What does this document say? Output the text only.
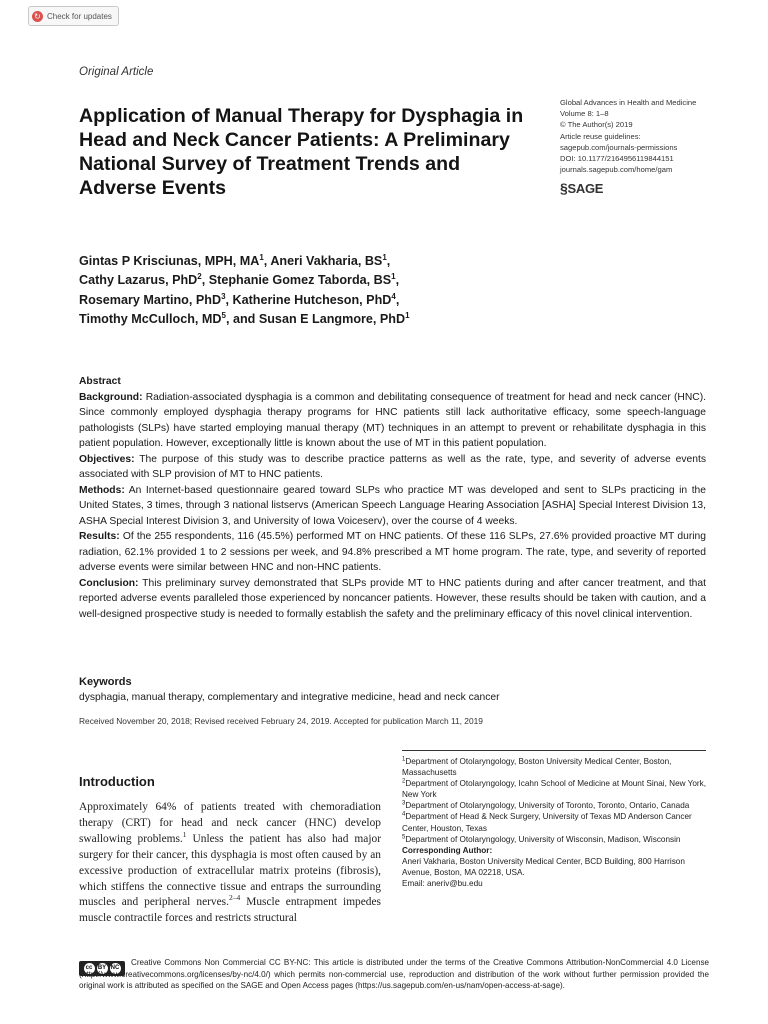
↻ Check for updates
Original Article
Application of Manual Therapy for Dysphagia in Head and Neck Cancer Patients: A Preliminary National Survey of Treatment Trends and Adverse Events
Global Advances in Health and Medicine
Volume 8: 1–8
© The Author(s) 2019
Article reuse guidelines:
sagepub.com/journals-permissions
DOI: 10.1177/2164956119844151
journals.sagepub.com/home/gam
§SAGE
Gintas P Krisciunas, MPH, $MA^1$, Aneri Vakharia, $BS^1$,
Cathy Lazarus, PhD$^2$, Stephanie Gomez Taborda, $BS^1$,
Rosemary Martino, PhD$^3$, Katherine Hutcheson, PhD$^4$,
Timothy McCulloch, $MD^5$, and Susan E Langmore, PhD$^1$

Abstract

Background: Radiation-associated dysphagia is a common and debilitating consequence of treatment for head and neck cancer (HNC). Since commonly employed dysphagia therapy programs for HNC patients still lack authoritative efficacy, some speech-language pathologists (SLPs) have started employing manual therapy (MT) techniques in an attempt to prevent or rehabilitate dysphagia in this patient population. However, exceptionally little is known about the use of MT in this patient population.

Objectives: The purpose of this study was to describe practice patterns as well as the rate, type, and severity of adverse events associated with SLP provision of MT to HNC patients.

Methods: An Internet-based questionnaire geared toward SLPs who practice MT was developed and sent to SLPs practicing in the United States, 3 times, through 3 national listservs (American Speech Language Hearing Association [ASHA] Special Interest Division 13, ASHA Special Interest Division 3, and University of Iowa Voiceserv), over the course of 4 weeks.

Results: Of the 255 respondents, 116 (45.5%) performed MT on HNC patients. Of these 116 SLPs, 27.6% provided proactive MT during radiation, 62.1% provided 1 to 2 sessions per week, and 94.8% prescribed a MT home program. The rate, type, and severity of reported adverse events were similar between HNC and non-HNC patients.

Conclusion: This preliminary survey demonstrated that SLPs provide MT to HNC patients during and after cancer treatment, and that reported adverse events paralleled those experienced by noncancer patients. However, these results should be taken with caution, and a well-designed prospective study is needed to formally establish the safety and the preliminary efficacy of this novel clinical intervention.

Keywords
dysphagia, manual therapy, complementary and integrative medicine, head and neck cancer
Received November 20, 2018; Revised received February 24, 2019. Accepted for publication March 11, 2019
Introduction

Approximately 64% of patients treated with chemoradiation therapy (CRT) for head and neck cancer (HNC) develop swallowing problems.$^1$ Unless the patient has also had major surgery for their cancer, this dysphagia is most often caused by an excessive production of extracellular matrix proteins (fibrosis), which stiffens the connective tissue and entraps the surrounding muscles and peripheral nerves.$^{2-4}$ Muscle entrapment impedes muscle contractile forces and restricts structural

$^1$Department of Otolaryngology, Boston University Medical Center, Boston, Massachusetts

$^2$Department of Otolaryngology, Icahn School of Medicine at Mount Sinai, New York, New York

$^3$Department of Otolaryngology, University of Toronto, Toronto, Ontario, Canada

$^4$Department of Head & Neck Surgery, University of Texas MD Anderson Cancer Center, Houston, Texas

$^5$Department of Otolaryngology, University of Wisconsin, Madison, Wisconsin

Corresponding Author:

Aneri Vakharia, Boston University Medical Center, BCD Building, 800 Harrison Avenue, Boston, MA 02218, USA.

Email: aneriv@bu.edu

cc BY NC
Creative Commons Non Commercial CC BY-NC: This article is distributed under the terms of the Creative Commons Attribution-NonCommercial 4.0 License (http://www.creativecommons.org/licenses/by-nc/4.0/) which permits non-commercial use, reproduction and distribution of the work without further permission provided the original work is attributed as specified on the SAGE and Open Access pages (https://us.sagepub.com/en-us/nam/open-access-at-sage).
